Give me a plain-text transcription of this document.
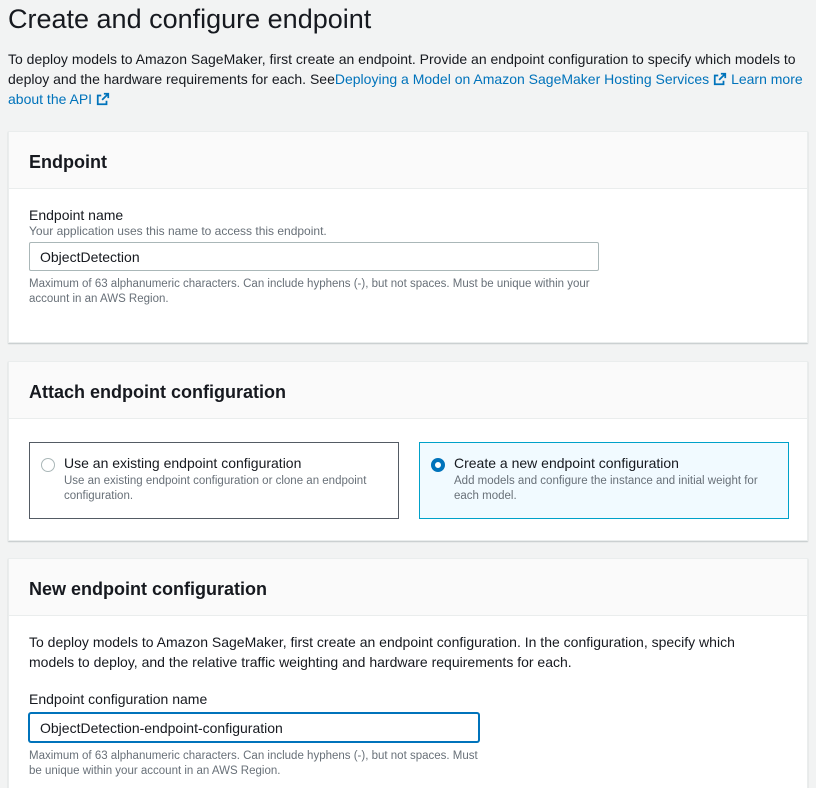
Create and configure endpoint
To deploy models to Amazon SageMaker, first create an endpoint. Provide an endpoint configuration to specify which models to deploy and the hardware requirements for each. SeeDeploying a Model on Amazon SageMaker Hosting Services Learn more about the API
Endpoint
Endpoint name
Your application uses this name to access this endpoint.
ObjectDetection
Maximum of 63 alphanumeric characters. Can include hyphens (-), but not spaces. Must be unique within your account in an AWS Region.
Attach endpoint configuration
Use an existing endpoint configuration
Use an existing endpoint configuration or clone an endpoint configuration.
Create a new endpoint configuration
Add models and configure the instance and initial weight for each model.
New endpoint configuration
To deploy models to Amazon SageMaker, first create an endpoint configuration. In the configuration, specify which models to deploy, and the relative traffic weighting and hardware requirements for each.
Endpoint configuration name
ObjectDetection-endpoint-configuration
Maximum of 63 alphanumeric characters. Can include hyphens (-), but not spaces. Must be unique within your account in an AWS Region.
